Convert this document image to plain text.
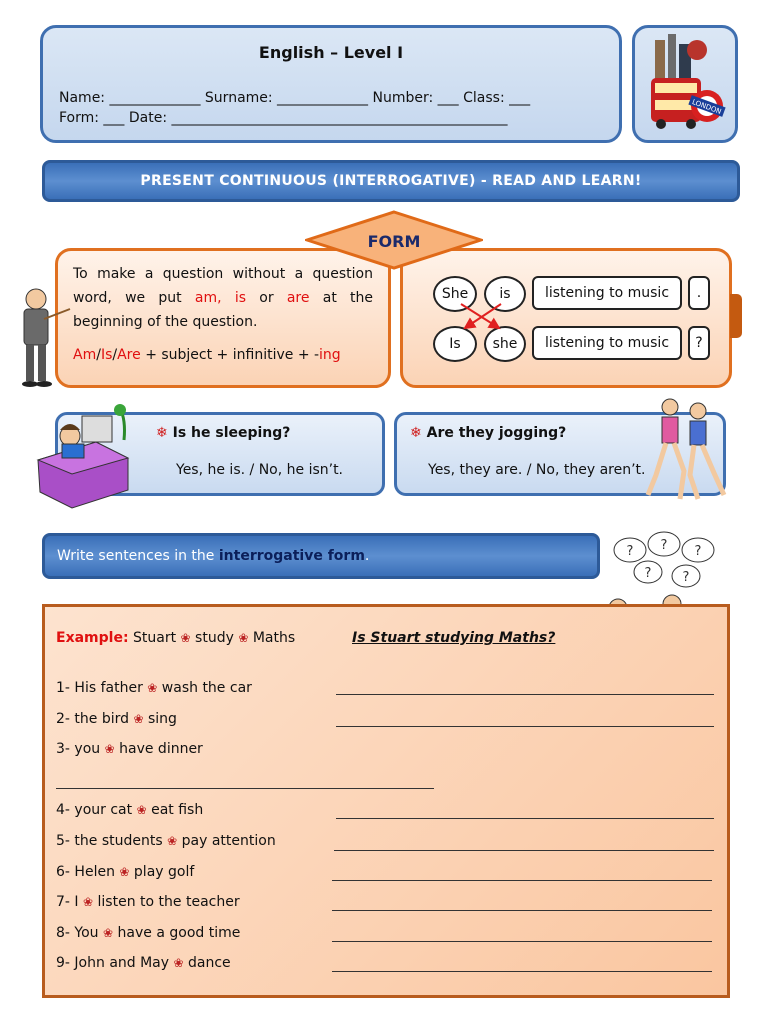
English – Level I
Name: _____________ Surname: _____________ Number: ___ Class: ___
Form: ___ Date: ________________________________________________
LONDON
PRESENT CONTINUOUS (INTERROGATIVE) - READ AND LEARN!
FORM
To make a question without a question word, we put am, is or are at the beginning of the question.
Am/Is/Are + subject + infinitive + -ing
She	is	listening to music	.
Is	she	listening to music	?
❄ Is he sleeping?
Yes, he is. / No, he isn’t.
❄ Are they jogging?
Yes, they are. / No, they aren’t.
Write sentences in the interrogative form.	? ? ?
? ?
Example: Stuart ❀ study ❀ Maths	Is Stuart studying Maths?
1- His father ❀ wash the car
2- the bird ❀ sing
3- you ❀ have dinner
4- your cat ❀ eat fish
5- the students ❀ pay attention
6- Helen ❀ play golf
7- I ❀ listen to the teacher
8- You ❀ have a good time
9- John and May ❀ dance
